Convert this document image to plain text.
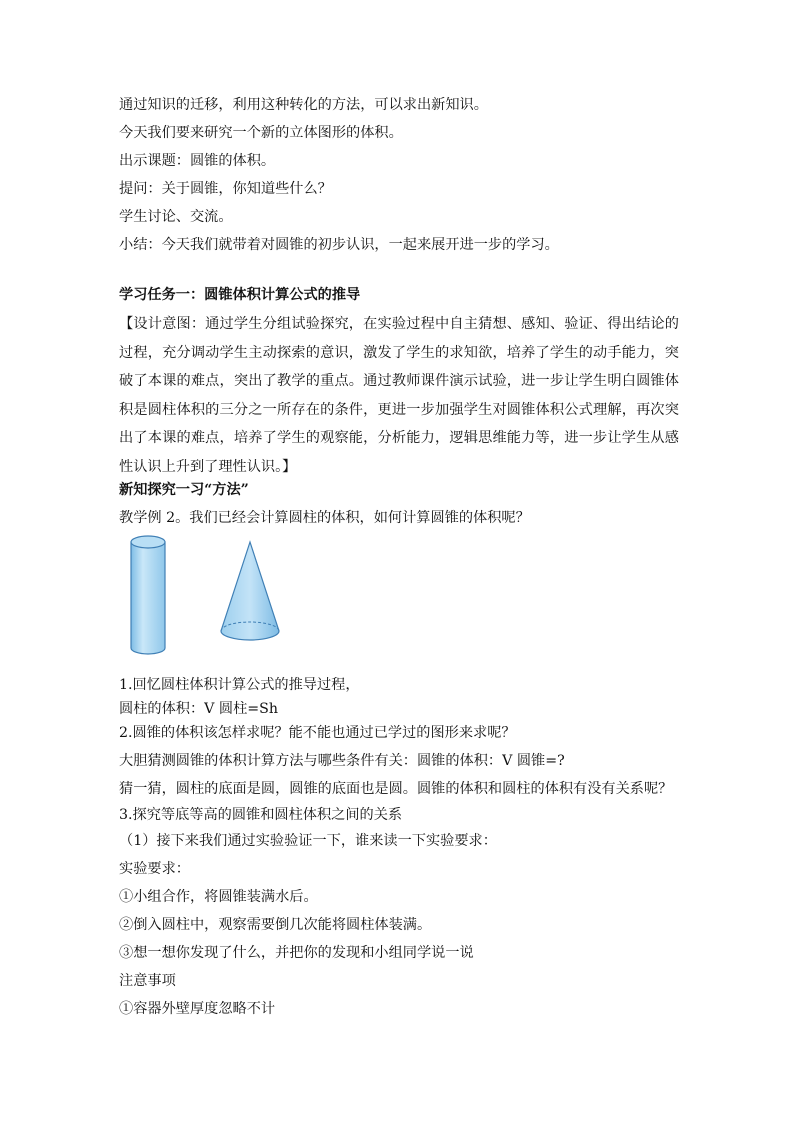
通过知识的迁移，利用这种转化的方法，可以求出新知识。
今天我们要来研究一个新的立体图形的体积。
出示课题：圆锥的体积。
提问：关于圆锥，你知道些什么？
学生讨论、交流。
小结：今天我们就带着对圆锥的初步认识，一起来展开进一步的学习。
学习任务一：圆锥体积计算公式的推导
【设计意图：通过学生分组试验探究，在实验过程中自主猜想、感知、验证、得出结论的过程，充分调动学生主动探索的意识，激发了学生的求知欲，培养了学生的动手能力，突破了本课的难点，突出了教学的重点。通过教师课件演示试验，进一步让学生明白圆锥体积是圆柱体积的三分之一所存在的条件，更进一步加强学生对圆锥体积公式理解，再次突出了本课的难点，培养了学生的观察能，分析能力，逻辑思维能力等，进一步让学生从感性认识上升到了理性认识。】
新知探究一习“方法”
教学例 2。我们已经会计算圆柱的体积，如何计算圆锥的体积呢？
1.回忆圆柱体积计算公式的推导过程，
圆柱的体积：V 圆柱=Sh
2.圆锥的体积该怎样求呢？能不能也通过已学过的图形来求呢？
大胆猜测圆锥的体积计算方法与哪些条件有关：圆锥的体积：V 圆锥=?
猜一猜，圆柱的底面是圆，圆锥的底面也是圆。圆锥的体积和圆柱的体积有没有关系呢？
3.探究等底等高的圆锥和圆柱体积之间的关系
（1）接下来我们通过实验验证一下，谁来读一下实验要求：
实验要求：
①小组合作，将圆锥装满水后。
②倒入圆柱中，观察需要倒几次能将圆柱体装满。
③想一想你发现了什么，并把你的发现和小组同学说一说
注意事项
①容器外壁厚度忽略不计
